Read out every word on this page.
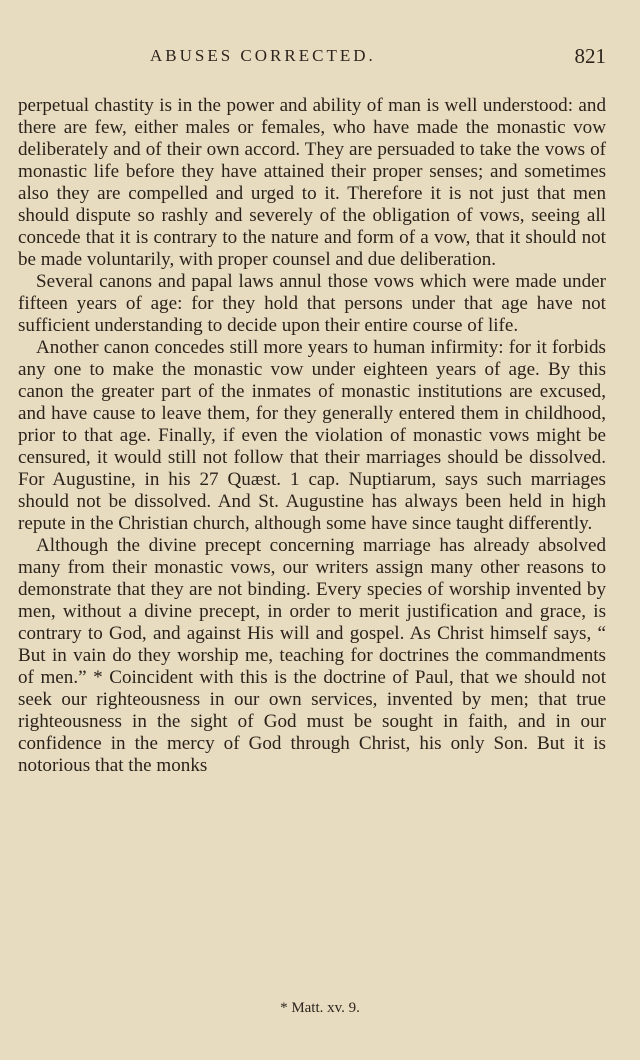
ABUSES CORRECTED.	821

perpetual chastity is in the power and ability of man is well understood: and there are few, either males or females, who have made the monastic vow deliberately and of their own accord. They are persuaded to take the vows of monastic life before they have attained their proper senses; and sometimes also they are compelled and urged to it. Therefore it is not just that men should dispute so rashly and severely of the obligation of vows, seeing all concede that it is contrary to the nature and form of a vow, that it should not be made voluntarily, with proper counsel and due deliberation.

Several canons and papal laws annul those vows which were made under fifteen years of age: for they hold that persons under that age have not sufficient understanding to decide upon their entire course of life.

Another canon concedes still more years to human infirmity: for it forbids any one to make the monastic vow under eighteen years of age. By this canon the greater part of the inmates of monastic institutions are excused, and have cause to leave them, for they generally entered them in childhood, prior to that age. Finally, if even the violation of monastic vows might be censured, it would still not follow that their marriages should be dissolved. For Augustine, in his 27 Quæst. 1 cap. Nuptiarum, says such marriages should not be dissolved. And St. Augustine has always been held in high repute in the Christian church, although some have since taught differently.

Although the divine precept concerning marriage has already absolved many from their monastic vows, our writers assign many other reasons to demonstrate that they are not binding. Every species of worship invented by men, without a divine precept, in order to merit justification and grace, is contrary to God, and against His will and gospel. As Christ himself says, “ But in vain do they worship me, teaching for doctrines the commandments of men.” * Coincident with this is the doctrine of Paul, that we should not seek our righteousness in our own services, invented by men; that true righteousness in the sight of God must be sought in faith, and in our confidence in the mercy of God through Christ, his only Son. But it is notorious that the monks

* Matt. xv. 9.
